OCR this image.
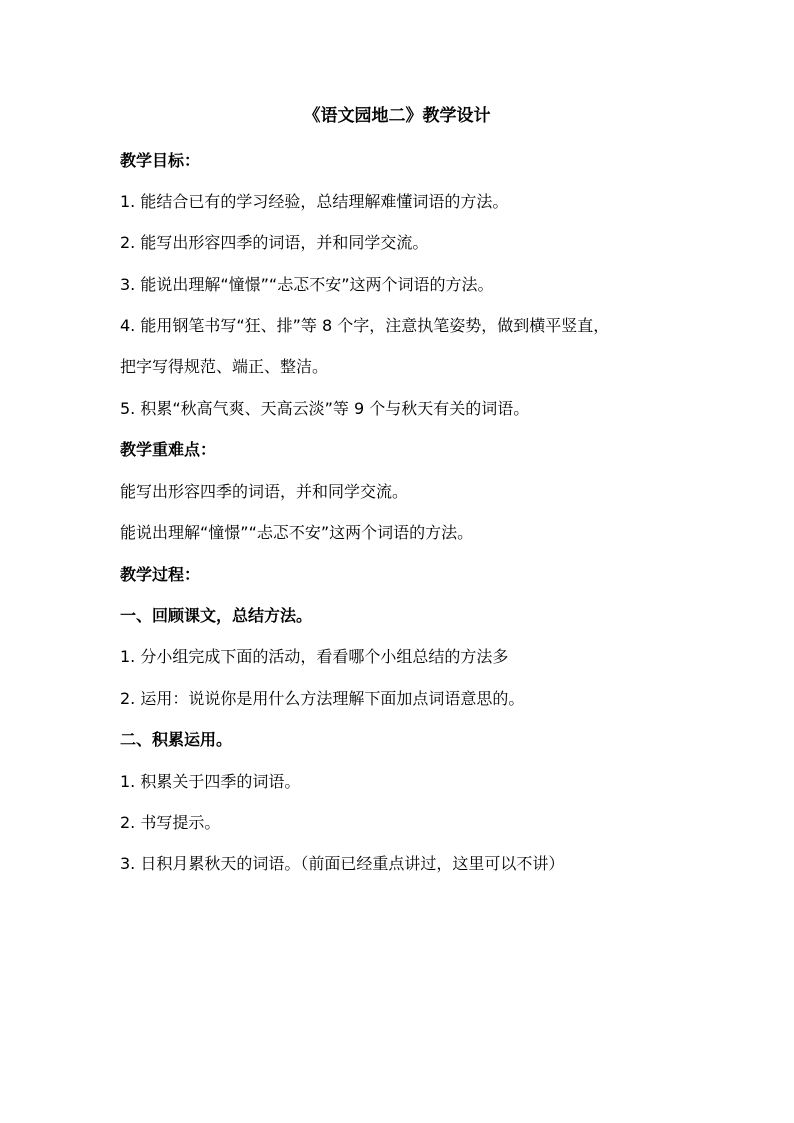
《语文园地二》教学设计
教学目标：
1. 能结合已有的学习经验，总结理解难懂词语的方法。
2. 能写出形容四季的词语，并和同学交流。
3. 能说出理解“憧憬”“忐忑不安”这两个词语的方法。
4. 能用钢笔书写“狂、排”等 8 个字，注意执笔姿势，做到横平竖直，
把字写得规范、端正、整洁。
5. 积累“秋高气爽、天高云淡”等 9 个与秋天有关的词语。
教学重难点：
能写出形容四季的词语，并和同学交流。
能说出理解“憧憬”“忐忑不安”这两个词语的方法。
教学过程：
一、回顾课文，总结方法。
1. 分小组完成下面的活动，看看哪个小组总结的方法多
2. 运用：说说你是用什么方法理解下面加点词语意思的。
二、积累运用。
1. 积累关于四季的词语。
2. 书写提示。
3. 日积月累秋天的词语。（前面已经重点讲过，这里可以不讲）
